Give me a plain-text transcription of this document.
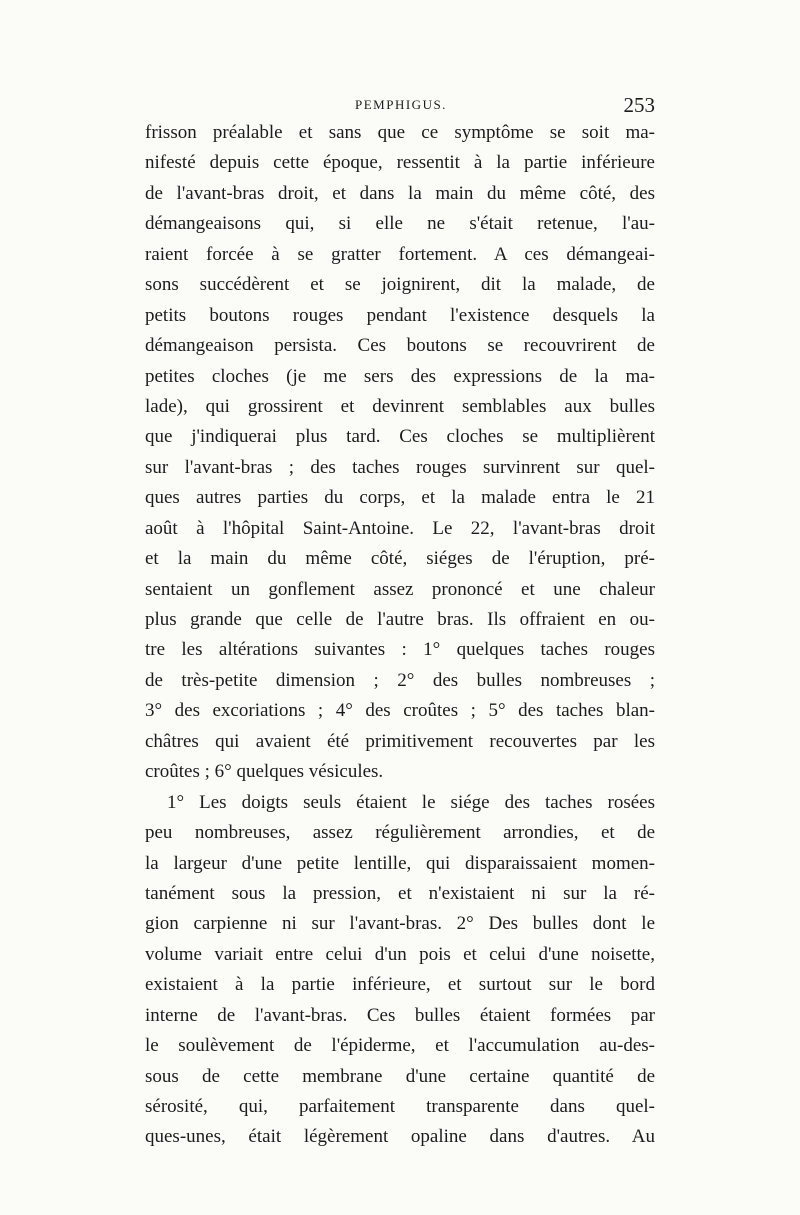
PEMPHIGUS.	253
frisson préalable et sans que ce symptôme se soit ma-
nifesté depuis cette époque, ressentit à la partie inférieure
de l'avant-bras droit, et dans la main du même côté, des
démangeaisons qui, si elle ne s'était retenue, l'au-
raient forcée à se gratter fortement. A ces démangeai-
sons succédèrent et se joignirent, dit la malade, de
petits boutons rouges pendant l'existence desquels la
démangeaison persista. Ces boutons se recouvrirent de
petites cloches (je me sers des expressions de la ma-
lade), qui grossirent et devinrent semblables aux bulles
que j'indiquerai plus tard. Ces cloches se multiplièrent
sur l'avant-bras ; des taches rouges survinrent sur quel-
ques autres parties du corps, et la malade entra le 21
août à l'hôpital Saint-Antoine. Le 22, l'avant-bras droit
et la main du même côté, siéges de l'éruption, pré-
sentaient un gonflement assez prononcé et une chaleur
plus grande que celle de l'autre bras. Ils offraient en ou-
tre les altérations suivantes : 1° quelques taches rouges
de très-petite dimension ; 2° des bulles nombreuses ;
3° des excoriations ; 4° des croûtes ; 5° des taches blan-
châtres qui avaient été primitivement recouvertes par les
croûtes ; 6° quelques vésicules.
1° Les doigts seuls étaient le siége des taches rosées
peu nombreuses, assez régulièrement arrondies, et de
la largeur d'une petite lentille, qui disparaissaient momen-
tanément sous la pression, et n'existaient ni sur la ré-
gion carpienne ni sur l'avant-bras. 2° Des bulles dont le
volume variait entre celui d'un pois et celui d'une noisette,
existaient à la partie inférieure, et surtout sur le bord
interne de l'avant-bras. Ces bulles étaient formées par
le soulèvement de l'épiderme, et l'accumulation au-des-
sous de cette membrane d'une certaine quantité de
sérosité, qui, parfaitement transparente dans quel-
ques-unes, était légèrement opaline dans d'autres. Au
